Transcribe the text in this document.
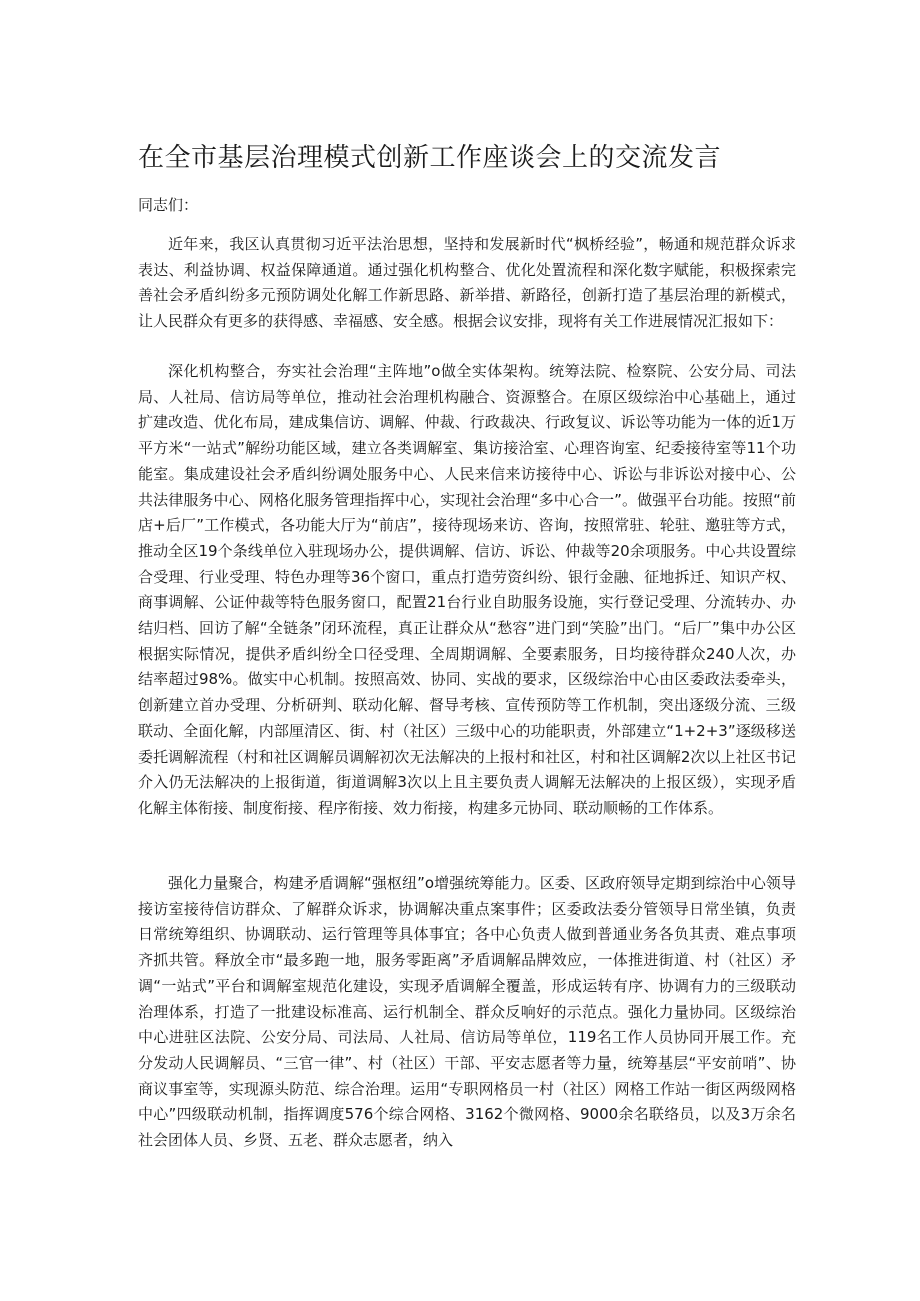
在全市基层治理模式创新工作座谈会上的交流发言

同志们：

近年来，我区认真贯彻习近平法治思想，坚持和发展新时代“枫桥经验”，畅通和规范群众诉求表达、利益协调、权益保障通道。通过强化机构整合、优化处置流程和深化数字赋能，积极探索完善社会矛盾纠纷多元预防调处化解工作新思路、新举措、新路径，创新打造了基层治理的新模式，让人民群众有更多的获得感、幸福感、安全感。根据会议安排，现将有关工作进展情况汇报如下：

深化机构整合，夯实社会治理“主阵地”o做全实体架构。统筹法院、检察院、公安分局、司法局、人社局、信访局等单位，推动社会治理机构融合、资源整合。在原区级综治中心基础上，通过扩建改造、优化布局，建成集信访、调解、仲裁、行政裁决、行政复议、诉讼等功能为一体的近1万平方米“一站式”解纷功能区域，建立各类调解室、集访接洽室、心理咨询室、纪委接待室等11个功能室。集成建设社会矛盾纠纷调处服务中心、人民来信来访接待中心、诉讼与非诉讼对接中心、公共法律服务中心、网格化服务管理指挥中心，实现社会治理“多中心合一”。做强平台功能。按照“前店+后厂”工作模式，各功能大厅为“前店”，接待现场来访、咨询，按照常驻、轮驻、邀驻等方式，推动全区19个条线单位入驻现场办公，提供调解、信访、诉讼、仲裁等20余项服务。中心共设置综合受理、行业受理、特色办理等36个窗口，重点打造劳资纠纷、银行金融、征地拆迁、知识产权、商事调解、公证仲裁等特色服务窗口，配置21台行业自助服务设施，实行登记受理、分流转办、办结归档、回访了解“全链条”闭环流程，真正让群众从“愁容”进门到“笑脸”出门。“后厂”集中办公区根据实际情况，提供矛盾纠纷全口径受理、全周期调解、全要素服务，日均接待群众240人次，办结率超过98%。做实中心机制。按照高效、协同、实战的要求，区级综治中心由区委政法委牵头，创新建立首办受理、分析研判、联动化解、督导考核、宣传预防等工作机制，突出逐级分流、三级联动、全面化解，内部厘清区、街、村（社区）三级中心的功能职责，外部建立“1+2+3”逐级移送委托调解流程（村和社区调解员调解初次无法解决的上报村和社区，村和社区调解2次以上社区书记介入仍无法解决的上报街道，街道调解3次以上且主要负责人调解无法解决的上报区级），实现矛盾化解主体衔接、制度衔接、程序衔接、效力衔接，构建多元协同、联动顺畅的工作体系。

强化力量聚合，构建矛盾调解“强枢纽”o增强统筹能力。区委、区政府领导定期到综治中心领导接访室接待信访群众、了解群众诉求，协调解决重点案事件；区委政法委分管领导日常坐镇，负责日常统筹组织、协调联动、运行管理等具体事宜；各中心负责人做到普通业务各负其责、难点事项齐抓共管。释放全市“最多跑一地，服务零距离”矛盾调解品牌效应，一体推进街道、村（社区）矛调“一站式”平台和调解室规范化建设，实现矛盾调解全覆盖，形成运转有序、协调有力的三级联动治理体系，打造了一批建设标准高、运行机制全、群众反响好的示范点。强化力量协同。区级综治中心进驻区法院、公安分局、司法局、人社局、信访局等单位，119名工作人员协同开展工作。充分发动人民调解员、“三官一律”、村（社区）干部、平安志愿者等力量，统筹基层“平安前哨”、协商议事室等，实现源头防范、综合治理。运用“专职网格员一村（社区）网格工作站一街区两级网格中心”四级联动机制，指挥调度576个综合网格、3162个微网格、9000余名联络员，以及3万余名社会团体人员、乡贤、五老、群众志愿者，纳入
